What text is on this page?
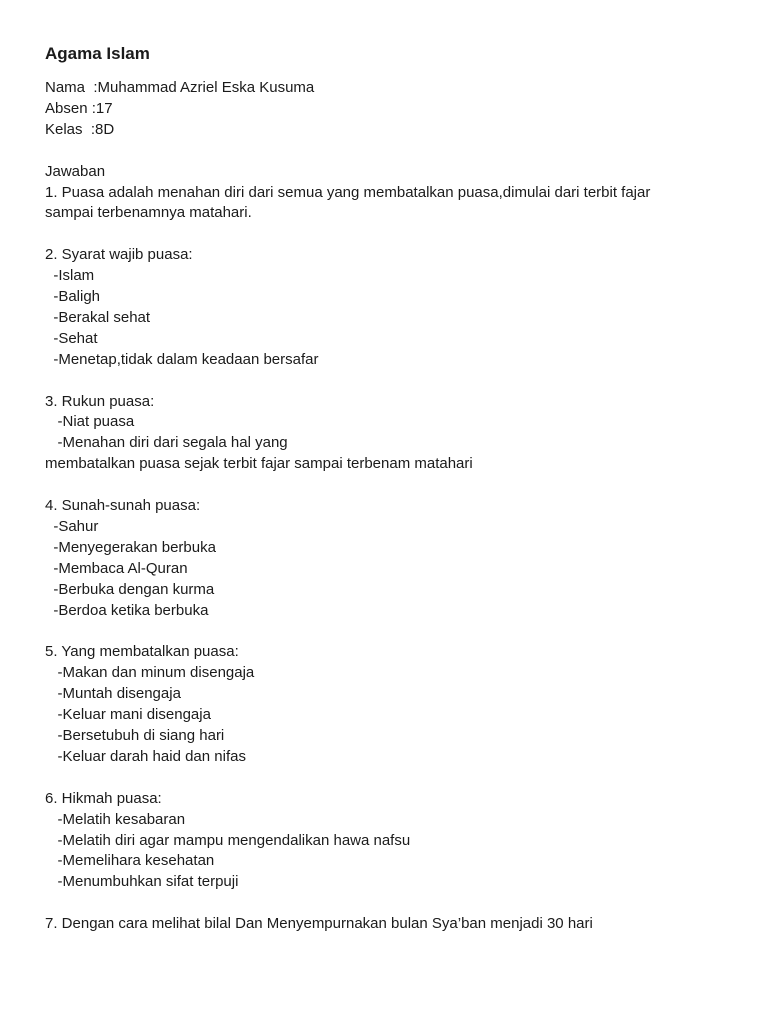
Agama Islam
Nama  :Muhammad Azriel Eska Kusuma
Absen :17
Kelas  :8D
Jawaban
1. Puasa adalah menahan diri dari semua yang membatalkan puasa,dimulai dari terbit fajar
sampai terbenamnya matahari.
2. Syarat wajib puasa:
-Islam
-Baligh
-Berakal sehat
-Sehat
-Menetap,tidak dalam keadaan bersafar
3. Rukun puasa:
-Niat puasa
-Menahan diri dari segala hal yang
membatalkan puasa sejak terbit fajar sampai terbenam matahari
4. Sunah-sunah puasa:
-Sahur
-Menyegerakan berbuka
-Membaca Al-Quran
-Berbuka dengan kurma
-Berdoa ketika berbuka
5. Yang membatalkan puasa:
-Makan dan minum disengaja
-Muntah disengaja
-Keluar mani disengaja
-Bersetubuh di siang hari
-Keluar darah haid dan nifas
6. Hikmah puasa:
-Melatih kesabaran
-Melatih diri agar mampu mengendalikan hawa nafsu
-Memelihara kesehatan
-Menumbuhkan sifat terpuji
7. Dengan cara melihat bilal Dan Menyempurnakan bulan Sya’ban menjadi 30 hari
